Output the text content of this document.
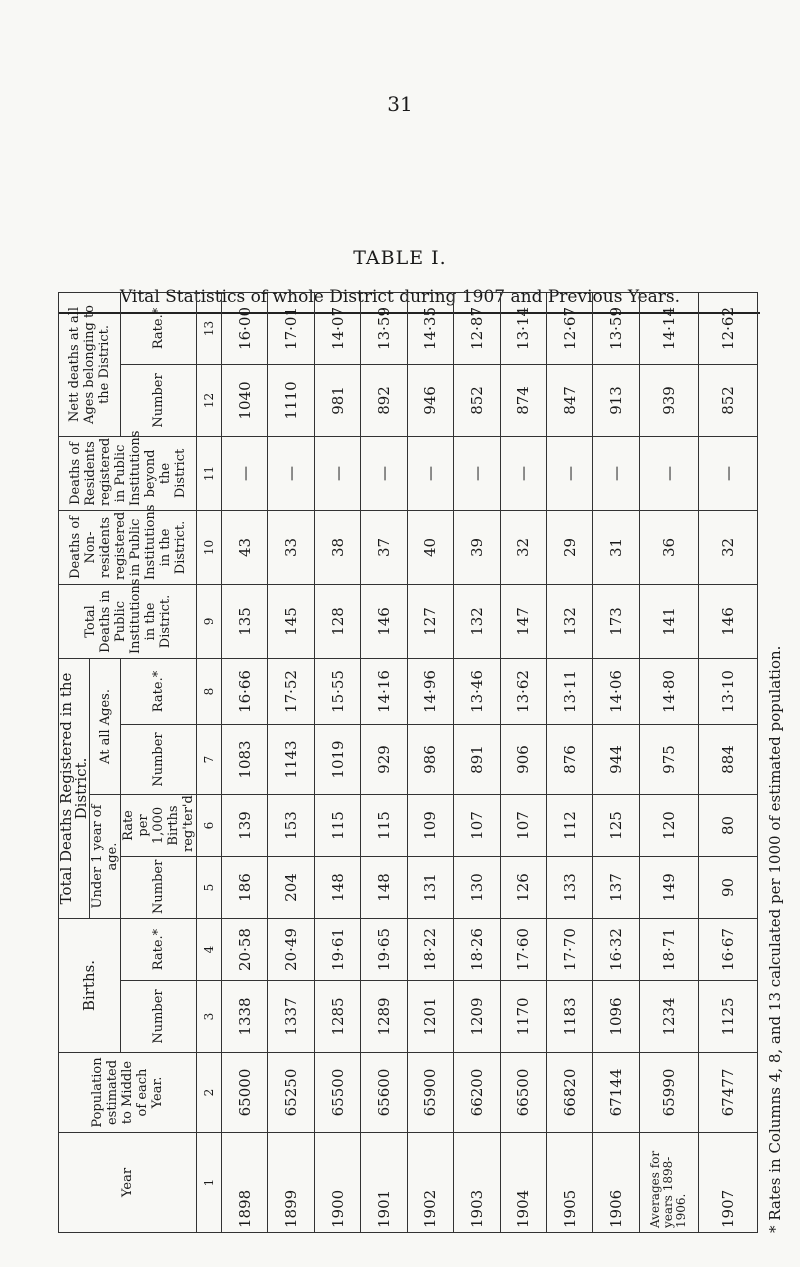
31
TABLE I.
Vital Statistics of whole District during 1907 and Previous Years.
Year	Population estimated to Middle of each Year.	Births.		Total Deaths Registered in the District.				Total Deaths in Public Institutions in the District.	Deaths of Non-residents registered in Public Institutions in the District.	Deaths of Residents registered in Public Institutions beyond the District	Nett deaths at all Ages belonging to the District.	
				Under 1 year of age.		At all Ages.						
		Number	Rate.*	Number	Rate per 1,000 Births reg'ter'd	Number	Rate.*				Number	Rate.*
1	2	3	4	5	6	7	8	9	10	11	12	13
1898	65000	1338	20·58	186	139	1083	16·66	135	43	—	1040	16·00
1899	65250	1337	20·49	204	153	1143	17·52	145	33	—	1110	17·01
1900	65500	1285	19·61	148	115	1019	15·55	128	38	—	981	14·07
1901	65600	1289	19·65	148	115	929	14·16	146	37	—	892	13·59
1902	65900	1201	18·22	131	109	986	14·96	127	40	—	946	14·35
1903	66200	1209	18·26	130	107	891	13·46	132	39	—	852	12·87
1904	66500	1170	17·60	126	107	906	13·62	147	32	—	874	13·14
1905	66820	1183	17·70	133	112	876	13·11	132	29	—	847	12·67
1906	67144	1096	16·32	137	125	944	14·06	173	31	—	913	13·59
Averages for years 1898-1906.	65990	1234	18·71	149	120	975	14·80	141	36	—	939	14·14
1907	67477	1125	16·67	90	80	884	13·10	146	32	—	852	12·62
* Rates in Columns 4, 8, and 13 calculated per 1000 of estimated population.
